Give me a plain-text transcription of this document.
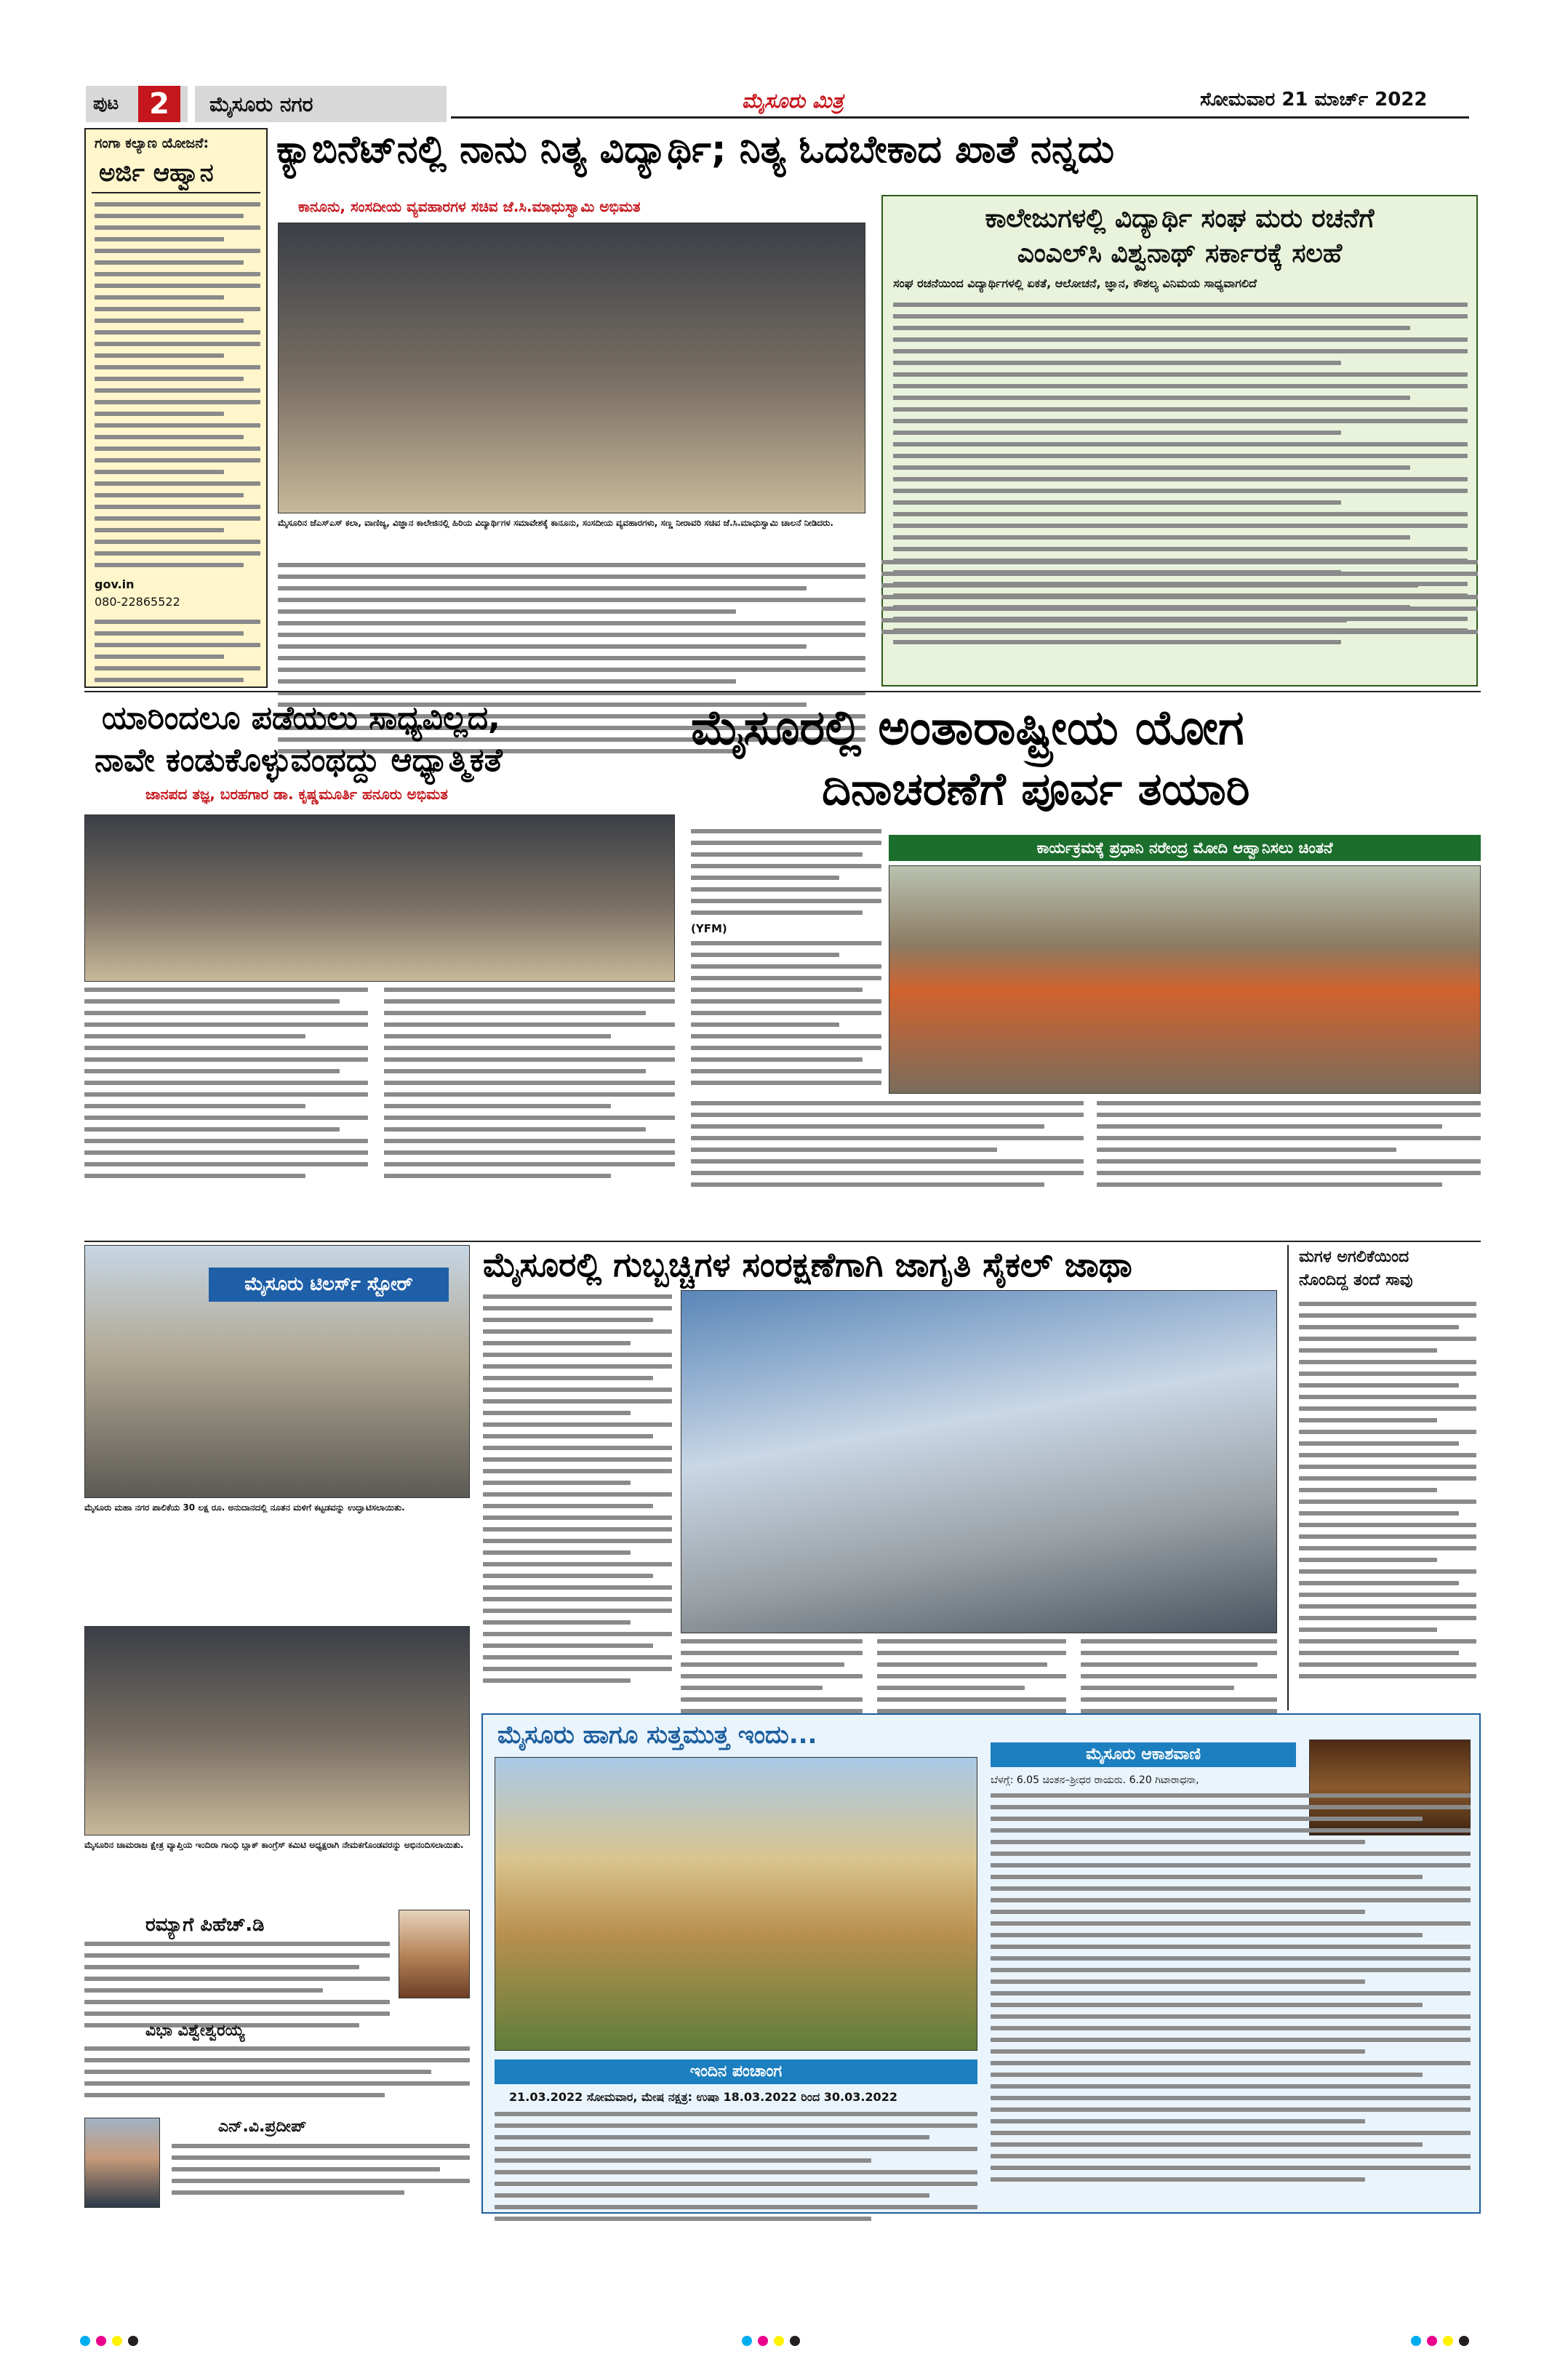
ಪುಟ	2	ಮೈಸೂರು ನಗರ	ಮೈಸೂರು ಮಿತ್ರ	ಸೋಮವಾರ 21 ಮಾರ್ಚ್ 2022
ಗಂಗಾ ಕಲ್ಯಾಣ ಯೋಜನೆ:
ಅರ್ಜಿ ಆಹ್ವಾನ
gov.in
080-22865522
ಕ್ಯಾಬಿನೆಟ್‌ನಲ್ಲಿ ನಾನು ನಿತ್ಯ ವಿದ್ಯಾರ್ಥಿ; ನಿತ್ಯ ಓದಬೇಕಾದ ಖಾತೆ ನನ್ನದು
ಕಾನೂನು, ಸಂಸದೀಯ ವ್ಯವಹಾರಗಳ ಸಚಿವ ಜೆ.ಸಿ.ಮಾಧುಸ್ವಾಮಿ ಅಭಿಮತ
ಮೈಸೂರಿನ ಜೆಎಸ್‌ಎಸ್ ಕಲಾ, ವಾಣಿಜ್ಯ, ವಿಜ್ಞಾನ ಕಾಲೇಜಿನಲ್ಲಿ ಹಿರಿಯ ವಿದ್ಯಾರ್ಥಿಗಳ ಸಮಾವೇಶಕ್ಕೆ ಕಾನೂನು, ಸಂಸದೀಯ ವ್ಯವಹಾರಗಳು, ಸಣ್ಣ ನೀರಾವರಿ ಸಚಿವ ಜೆ.ಸಿ.ಮಾಧುಸ್ವಾಮಿ ಚಾಲನೆ ನೀಡಿದರು.
ಕಾಲೇಜುಗಳಲ್ಲಿ ವಿದ್ಯಾರ್ಥಿ ಸಂಘ ಮರು ರಚನೆಗೆ
ಎಂಎಲ್‌ಸಿ ವಿಶ್ವನಾಥ್ ಸರ್ಕಾರಕ್ಕೆ ಸಲಹೆ
ಸಂಘ ರಚನೆಯಿಂದ ವಿದ್ಯಾರ್ಥಿಗಳಲ್ಲಿ ಏಕತೆ, ಆಲೋಚನೆ, ಜ್ಞಾನ, ಕೌಶಲ್ಯ ವಿನಿಮಯ ಸಾಧ್ಯವಾಗಲಿದೆ
ಯಾರಿಂದಲೂ ಪಡೆಯಲು ಸಾಧ್ಯವಿಲ್ಲದ,
ನಾವೇ ಕಂಡುಕೊಳ್ಳುವಂಥದ್ದು ಆಧ್ಯಾತ್ಮಿಕತೆ
ಜಾನಪದ ತಜ್ಞ, ಬರಹಗಾರ ಡಾ. ಕೃಷ್ಣಮೂರ್ತಿ ಹನೂರು ಅಭಿಮತ
ಮೈಸೂರಲ್ಲಿ ಅಂತಾರಾಷ್ಟ್ರೀಯ ಯೋಗ
ದಿನಾಚರಣೆಗೆ ಪೂರ್ವ ತಯಾರಿ
(YFM)
ಕಾರ್ಯಕ್ರಮಕ್ಕೆ ಪ್ರಧಾನಿ ನರೇಂದ್ರ ಮೋದಿ ಆಹ್ವಾನಿಸಲು ಚಿಂತನೆ
ಮೈಸೂರು ಟಿಲರ್ಸ್ ಸ್ಟೋರ್
ಮೈಸೂರು ಮಹಾ ನಗರ ಪಾಲಿಕೆಯ 30 ಲಕ್ಷ ರೂ. ಅನುದಾನದಲ್ಲಿ ನೂತನ ಮಳಿಗೆ ಕಟ್ಟಡವನ್ನು ಉದ್ಘಾಟಿಸಲಾಯಿತು.
ಮೈಸೂರಲ್ಲಿ ಗುಬ್ಬಚ್ಚಿಗಳ ಸಂರಕ್ಷಣೆಗಾಗಿ ಜಾಗೃತಿ ಸೈಕಲ್ ಜಾಥಾ	ಮಗಳ ಅಗಲಿಕೆಯಿಂದ
ನೊಂದಿದ್ದ ತಂದೆ ಸಾವು
ಮೈಸೂರಿನ ಚಾಮರಾಜ ಕ್ಷೇತ್ರ ವ್ಯಾಪ್ತಿಯ ಇಂದಿರಾ ಗಾಂಧಿ ಬ್ಲಾಕ್ ಕಾಂಗ್ರೆಸ್ ಕಮಿಟಿ ಅಧ್ಯಕ್ಷರಾಗಿ ನೇಮಕಗೊಂಡವರನ್ನು ಅಭಿನಂದಿಸಲಾಯಿತು.
ರಮ್ಯಾಗೆ ಪಿಹೆಚ್.ಡಿ
ವಿಭಾ ವಿಶ್ವೇಶ್ವರಯ್ಯ
ಎನ್.ವಿ.ಪ್ರದೀಪ್
ಮೈಸೂರು ಹಾಗೂ ಸುತ್ತಮುತ್ತ ಇಂದು...
ಇಂದಿನ ಪಂಚಾಂಗ
21.03.2022 ಸೋಮವಾರ, ಮೇಷ ನಕ್ಷತ್ರ: ಉಷಾ 18.03.2022 ರಿಂದ 30.03.2022
ಮೈಸೂರು ಆಕಾಶವಾಣಿ
ಬೆಳಗ್ಗೆ: 6.05 ಚಿಂತನ–ಶ್ರೀಧರ ರಾಯರು. 6.20 ಗಿಟಾರಾಧನಾ,
